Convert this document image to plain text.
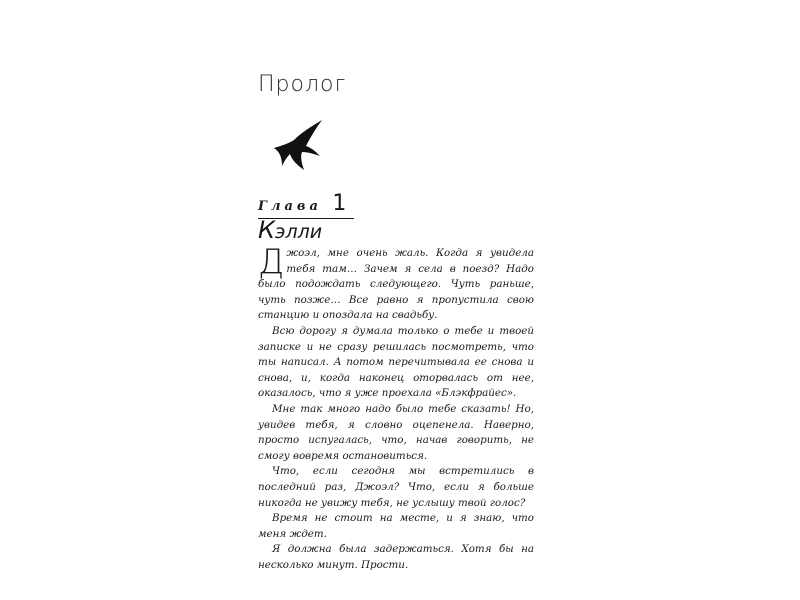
Пролог
Глава 1
Кэлли

Джоэл, мне очень жаль. Когда я увидела тебя там… Зачем я села в поезд? Надо было подождать следующего. Чуть раньше, чуть позже… Все равно я пропустила свою станцию и опоздала на свадьбу.

Всю дорогу я думала только о тебе и твоей записке и не сразу решилась посмотреть, что ты написал. А потом перечитывала ее снова и снова, и, когда наконец оторвалась от нее, оказалось, что я уже проехала «Блэкфрайес».

Мне так много надо было тебе сказать! Но, увидев тебя, я словно оцепенела. Наверно, просто испугалась, что, начав говорить, не смогу вовремя остановиться.

Что, если сегодня мы встретились в последний раз, Джоэл? Что, если я больше никогда не увижу тебя, не услышу твой голос?

Время не стоит на месте, и я знаю, что меня ждет.

Я должна была задержаться. Хотя бы на несколько минут. Прости.
